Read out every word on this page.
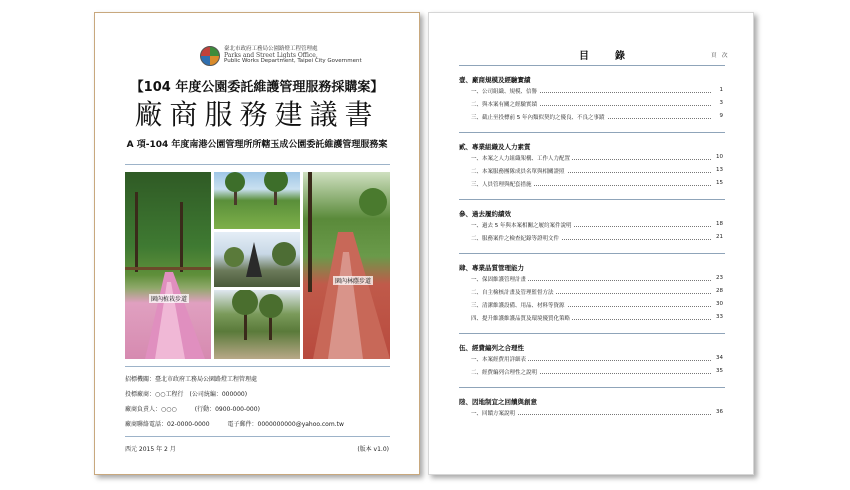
臺北市政府工務局公園路燈工程管理處
Parks and Street Lights Office,
Public Works Department, Taipei City Government
【104 年度公園委託維護管理服務採購案】
廠商服務建議書
A 項-104 年度南港公園管理所所轄玉成公園委託維護管理服務案
園內植栽步道
園內林蔭步道
招標機關：臺北市政府工務局公園路燈工程管理處
投標廠商：○○工程行　(公司統編：000000)
廠商負責人：○○○　　　(行動：0900-000-000)
廠商聯絡電話：02-0000-0000　　　電子郵件：0000000000@yahoo.com.tw
西元 2015 年 2 月	(版本 v1.0)
目　錄	頁　次
壹、廠商規模及經驗實績
一、公司組織、規模、信譽	1
二、與本案有關之經驗實績	3
三、截止至投標前 5 年內類似契約之優良、不良之事蹟	9
貳、專業組織及人力素質
一、本案之人力組織架構、工作人力配置	10
二、本案服務團隊成員名單與相關證照	13
三、人員管理與配套措施	15
參、過去履約績效
一、過去 5 年與本案相關之履約案件說明	18
二、服務案件之檢查紀錄等證明文件	21
肆、專業品質管理能力
一、保固維護管理計畫	23
二、自主檢核計畫及管理監督方法	28
三、清潔維護設備、用品、材料等資源	30
四、提升維護維護品質及環境優質化策略	33
伍、經費編列之合理性
一、本案經費用詳細表	34
二、經費編列合理性之說明	35
陸、因地制宜之回饋與創意
一、回饋方案說明	36
